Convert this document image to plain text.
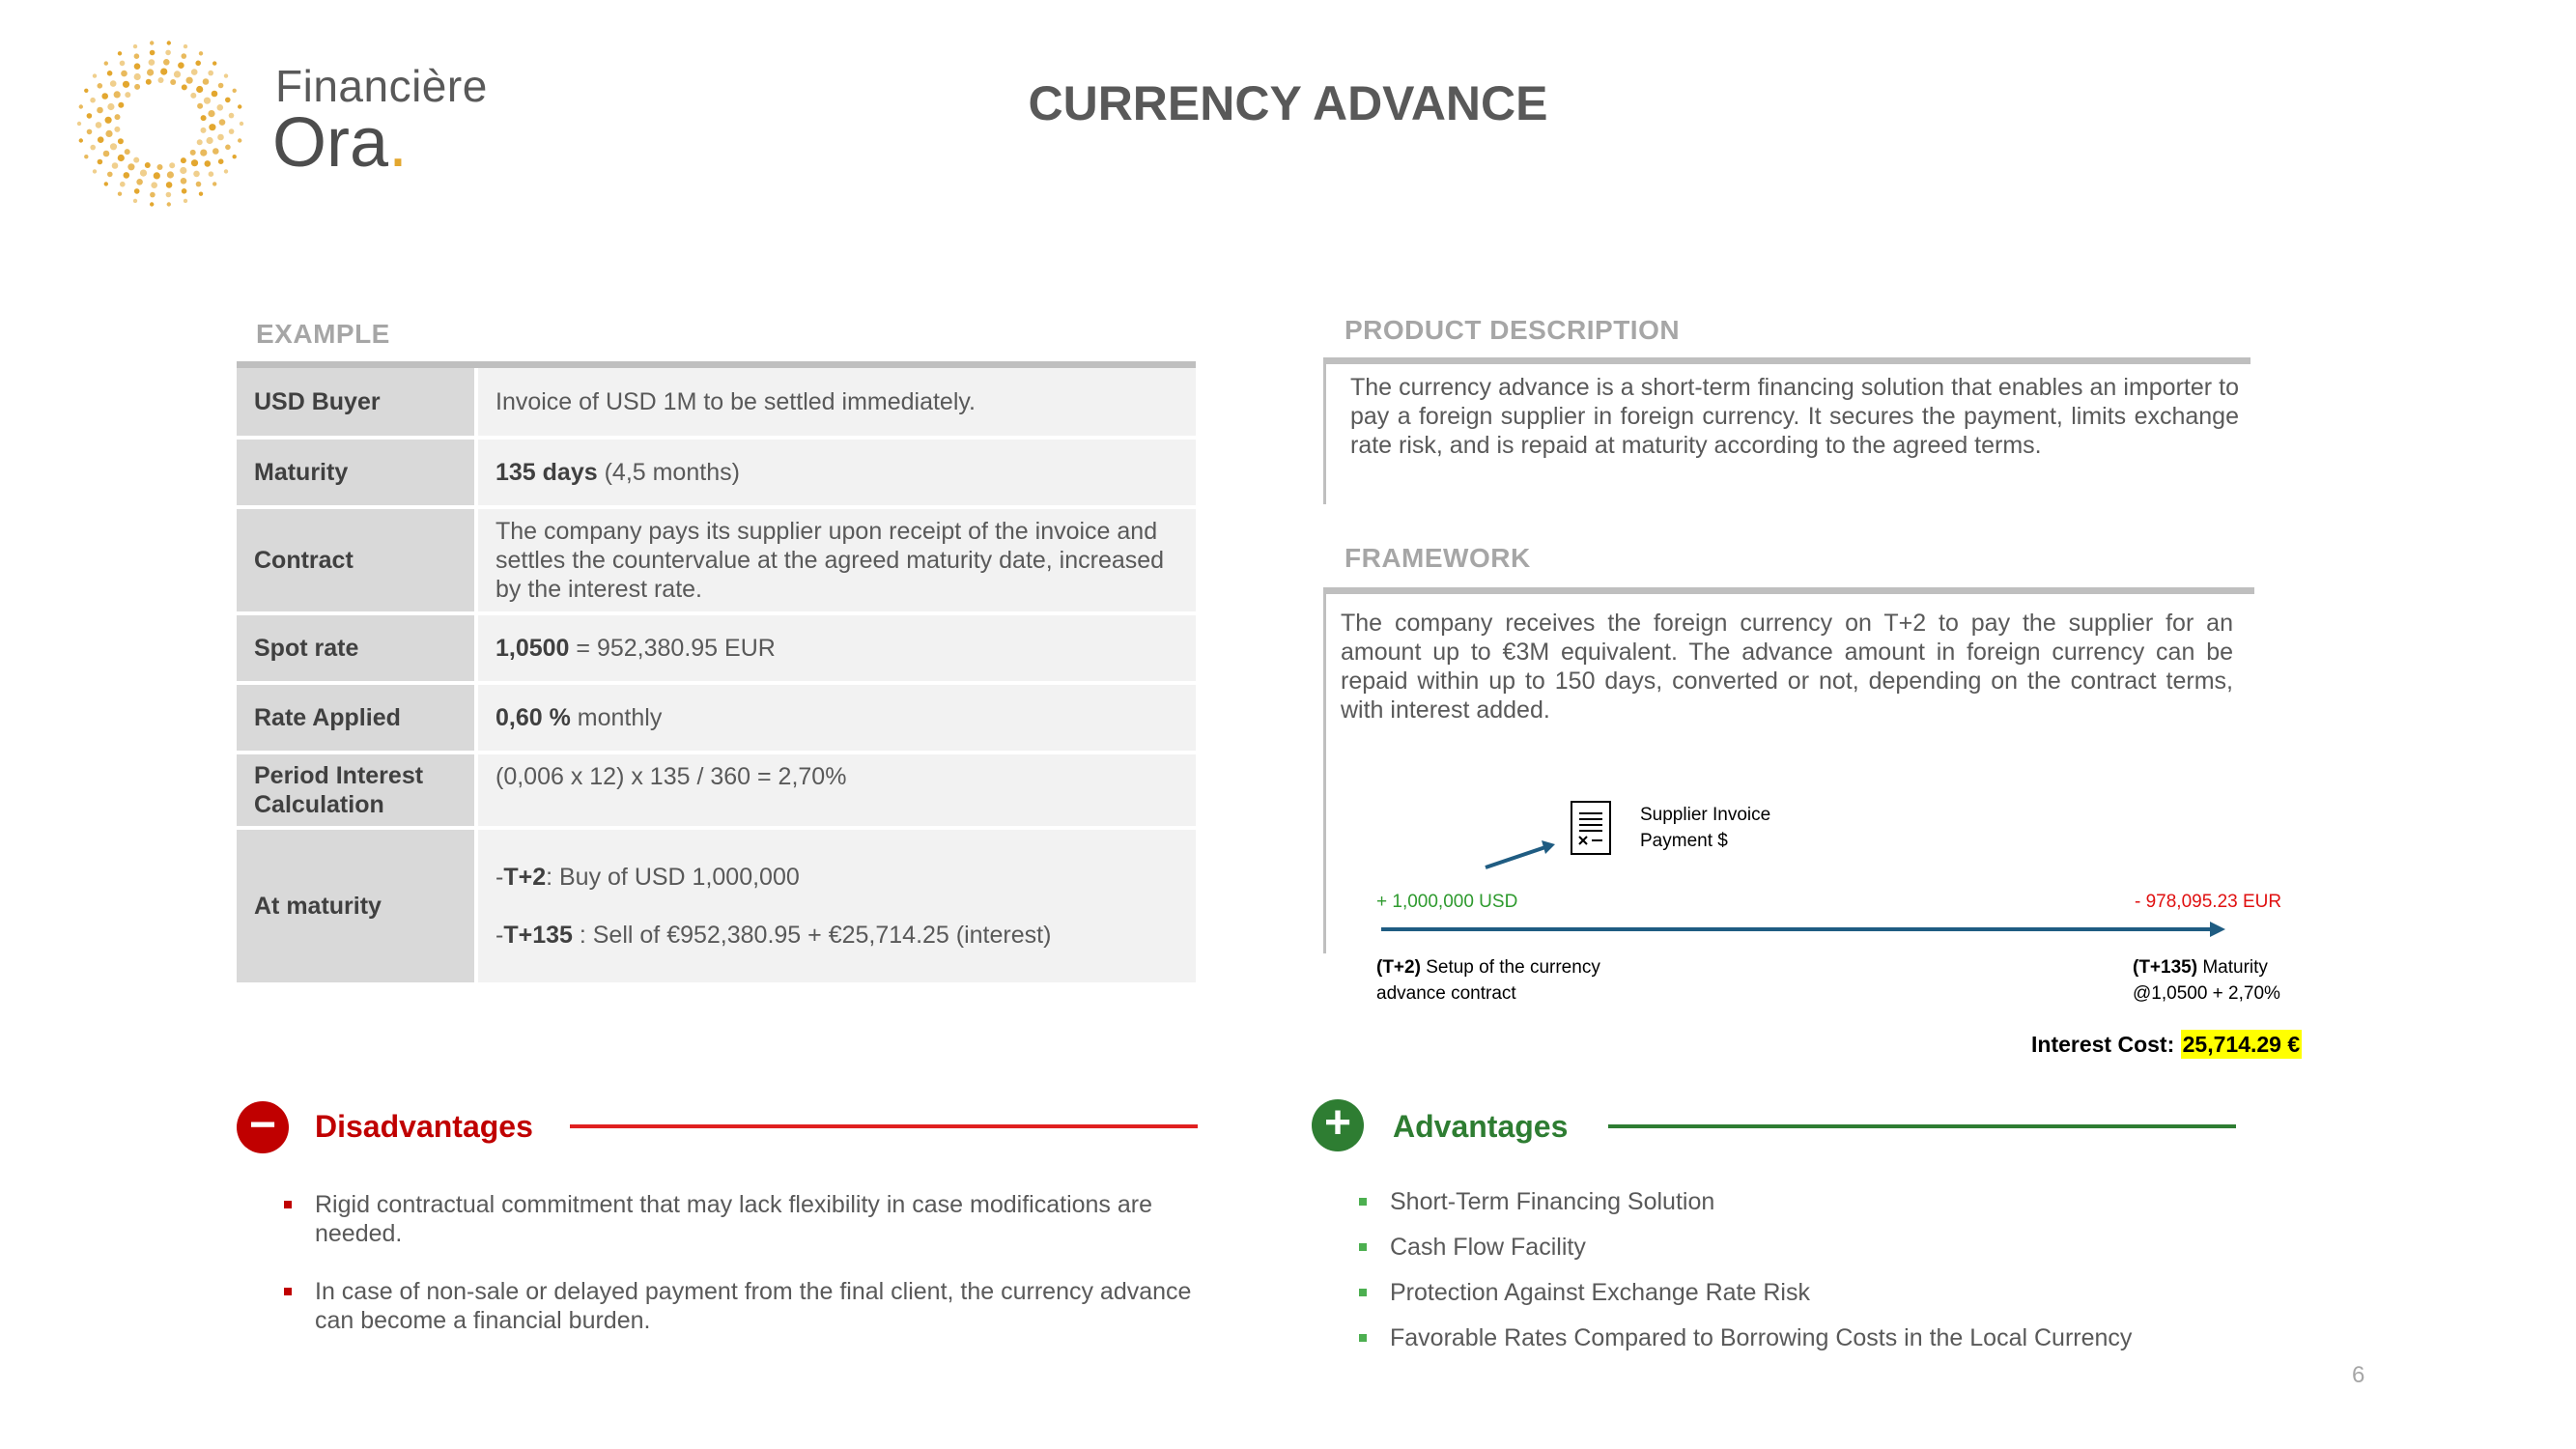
Financière
Ora.
CURRENCY ADVANCE
EXAMPLE
USD Buyer	Invoice of USD 1M to be settled immediately.
Maturity	135 days (4,5 months)
Contract	The company pays its supplier upon receipt of the invoice and settles the countervalue at the agreed maturity date, increased by the interest rate.
Spot rate	1,0500 = 952,380.95 EUR
Rate Applied	0,60 % monthly
Period Interest Calculation	(0,006 x 12) x 135 / 360 = 2,70%
At maturity	-T+2: Buy of USD 1,000,000
-T+135 : Sell of €952,380.95 + €25,714.25 (interest)
PRODUCT DESCRIPTION
The currency advance is a short-term financing solution that enables an importer to pay a foreign supplier in foreign currency. It secures the payment, limits exchange rate risk, and is repaid at maturity according to the agreed terms.
FRAMEWORK
The company receives the foreign currency on T+2 to pay the supplier for an amount up to €3M equivalent. The advance amount in foreign currency can be repaid within up to 150 days, converted or not, depending on the contract terms, with interest added.
Supplier Invoice
Payment $
+ 1,000,000 USD	- 978,095.23 EUR
(T+2) Setup of the currency
advance contract
(T+135) Maturity
@1,0500 + 2,70%
Interest Cost: 25,714.29 €
−	Disadvantages
Rigid contractual commitment that may lack flexibility in case modifications are needed.
In case of non-sale or delayed payment from the final client, the currency advance can become a financial burden.
+	Advantages
Short-Term Financing Solution
Cash Flow Facility
Protection Against Exchange Rate Risk
Favorable Rates Compared to Borrowing Costs in the Local Currency
6
